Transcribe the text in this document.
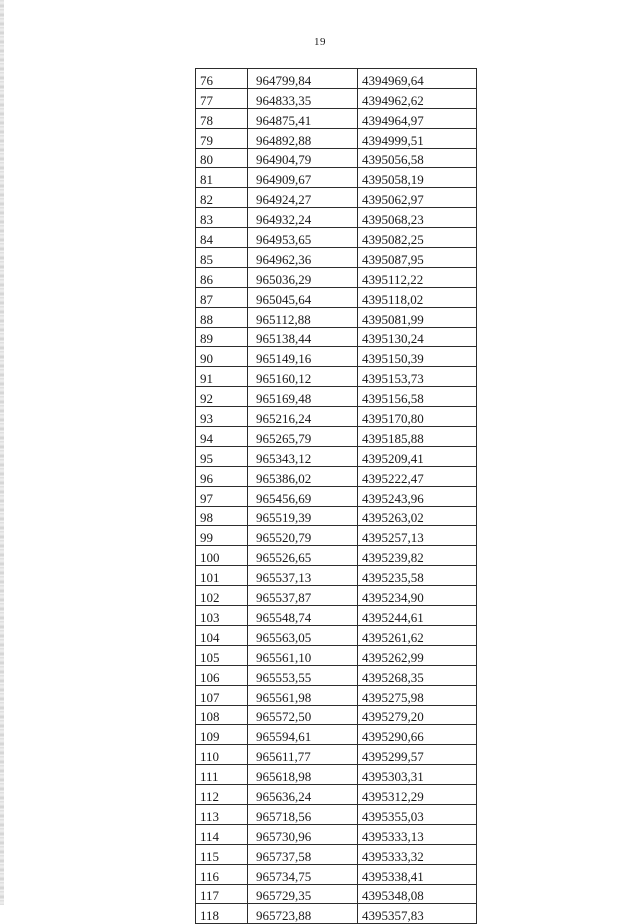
19
76	964799,84	4394969,64
77	964833,35	4394962,62
78	964875,41	4394964,97
79	964892,88	4394999,51
80	964904,79	4395056,58
81	964909,67	4395058,19
82	964924,27	4395062,97
83	964932,24	4395068,23
84	964953,65	4395082,25
85	964962,36	4395087,95
86	965036,29	4395112,22
87	965045,64	4395118,02
88	965112,88	4395081,99
89	965138,44	4395130,24
90	965149,16	4395150,39
91	965160,12	4395153,73
92	965169,48	4395156,58
93	965216,24	4395170,80
94	965265,79	4395185,88
95	965343,12	4395209,41
96	965386,02	4395222,47
97	965456,69	4395243,96
98	965519,39	4395263,02
99	965520,79	4395257,13
100	965526,65	4395239,82
101	965537,13	4395235,58
102	965537,87	4395234,90
103	965548,74	4395244,61
104	965563,05	4395261,62
105	965561,10	4395262,99
106	965553,55	4395268,35
107	965561,98	4395275,98
108	965572,50	4395279,20
109	965594,61	4395290,66
110	965611,77	4395299,57
111	965618,98	4395303,31
112	965636,24	4395312,29
113	965718,56	4395355,03
114	965730,96	4395333,13
115	965737,58	4395333,32
116	965734,75	4395338,41
117	965729,35	4395348,08
118	965723,88	4395357,83
